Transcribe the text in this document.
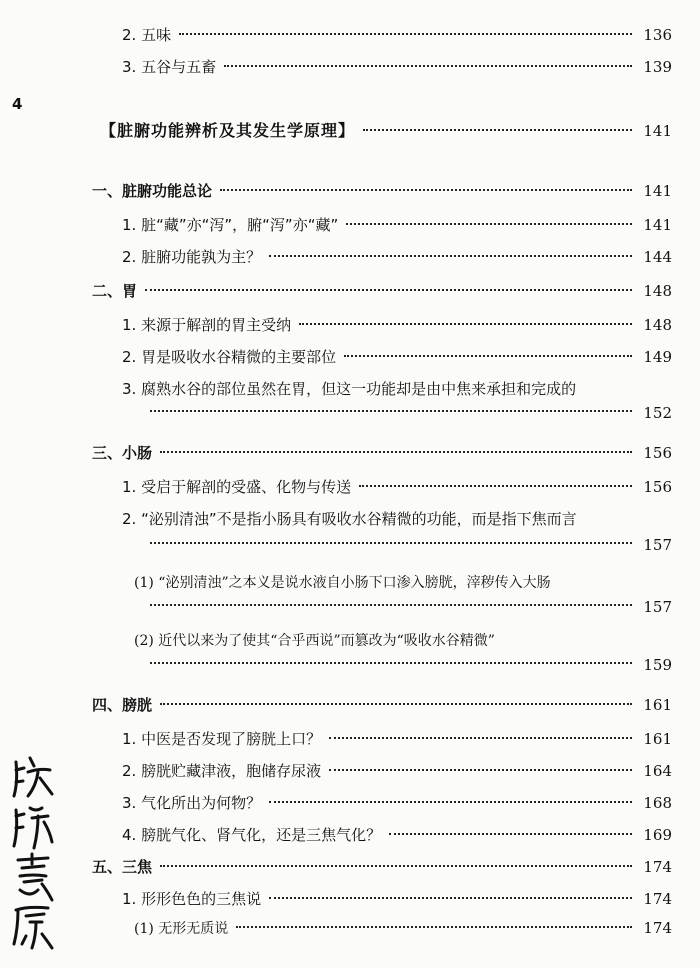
4
2. 五味	136
3. 五谷与五畜	139
【脏腑功能辨析及其发生学原理】	141
一、脏腑功能总论	141
1. 脏“藏”亦“泻”，腑“泻”亦“藏”	141
2. 脏腑功能孰为主？	144
二、胃	148
1. 来源于解剖的胃主受纳	148
2. 胃是吸收水谷精微的主要部位	149
3. 腐熟水谷的部位虽然在胃，但这一功能却是由中焦来承担和完成的
152
三、小肠	156
1. 受启于解剖的受盛、化物与传送	156
2. “泌别清浊”不是指小肠具有吸收水谷精微的功能，而是指下焦而言
157
(1) “泌别清浊”之本义是说水液自小肠下口渗入膀胱，滓秽传入大肠
157
(2) 近代以来为了使其“合乎西说”而篡改为“吸收水谷精微”
159
四、膀胱	161
1. 中医是否发现了膀胱上口？	161
2. 膀胱贮藏津液，胞储存尿液	164
3. 气化所出为何物？	168
4. 膀胱气化、肾气化，还是三焦气化？	169
五、三焦	174
1. 形形色色的三焦说	174
(1) 无形无质说	174
